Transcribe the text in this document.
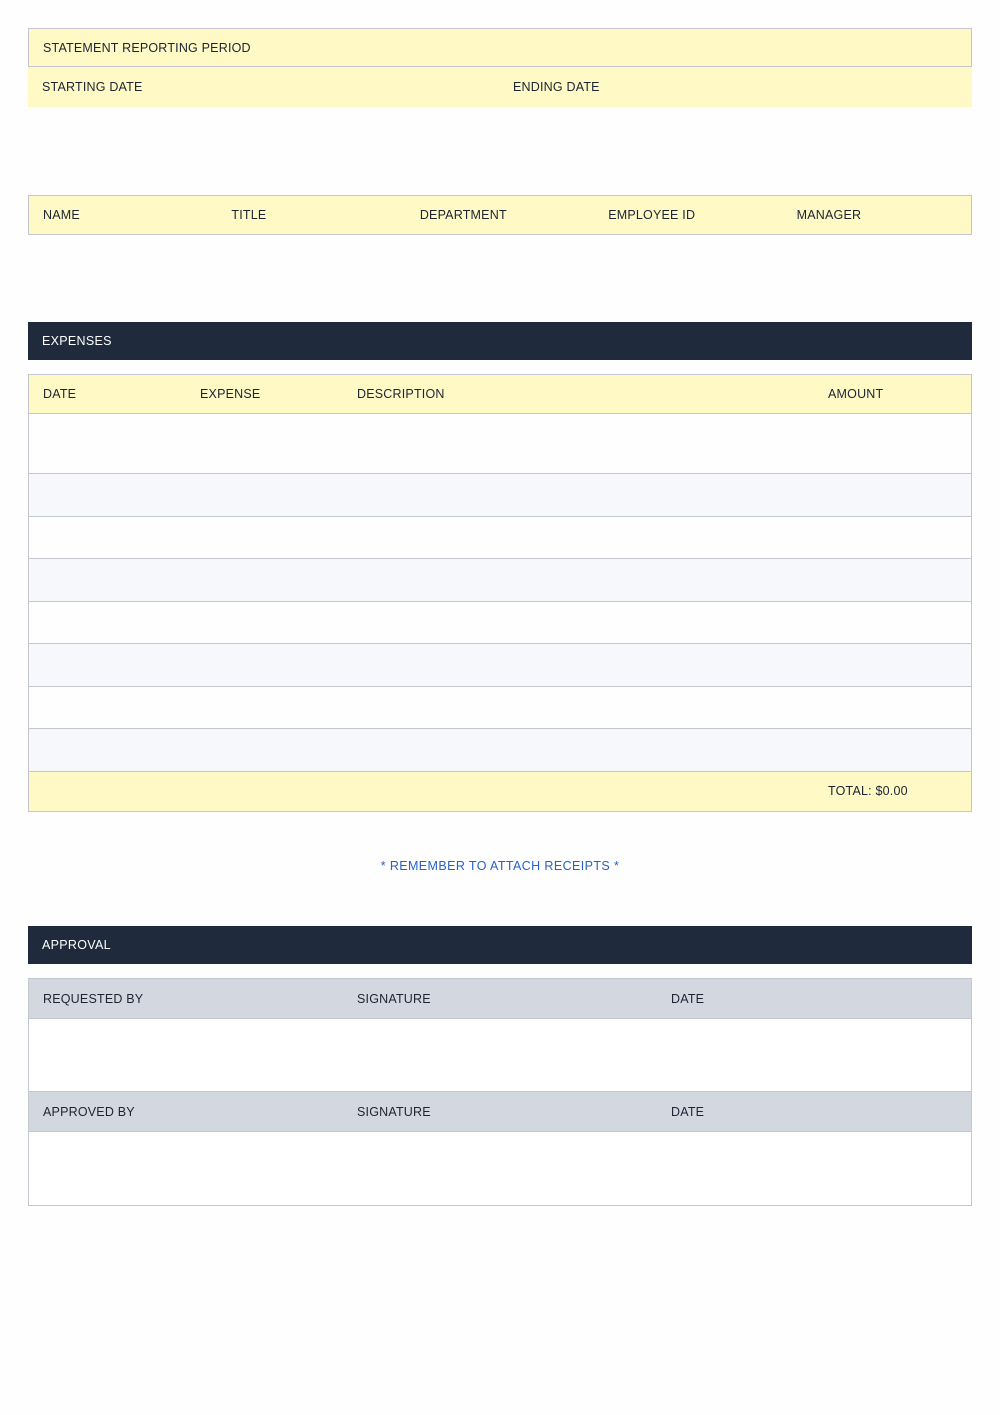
STATEMENT REPORTING PERIOD
STARTING DATE	ENDING DATE
NAME	TITLE	DEPARTMENT	EMPLOYEE ID	MANAGER
EXPENSES
DATE	EXPENSE	DESCRIPTION	AMOUNT
TOTAL: $0.00
* REMEMBER TO ATTACH RECEIPTS *
APPROVAL
REQUESTED BY	SIGNATURE	DATE
APPROVED BY	SIGNATURE	DATE
